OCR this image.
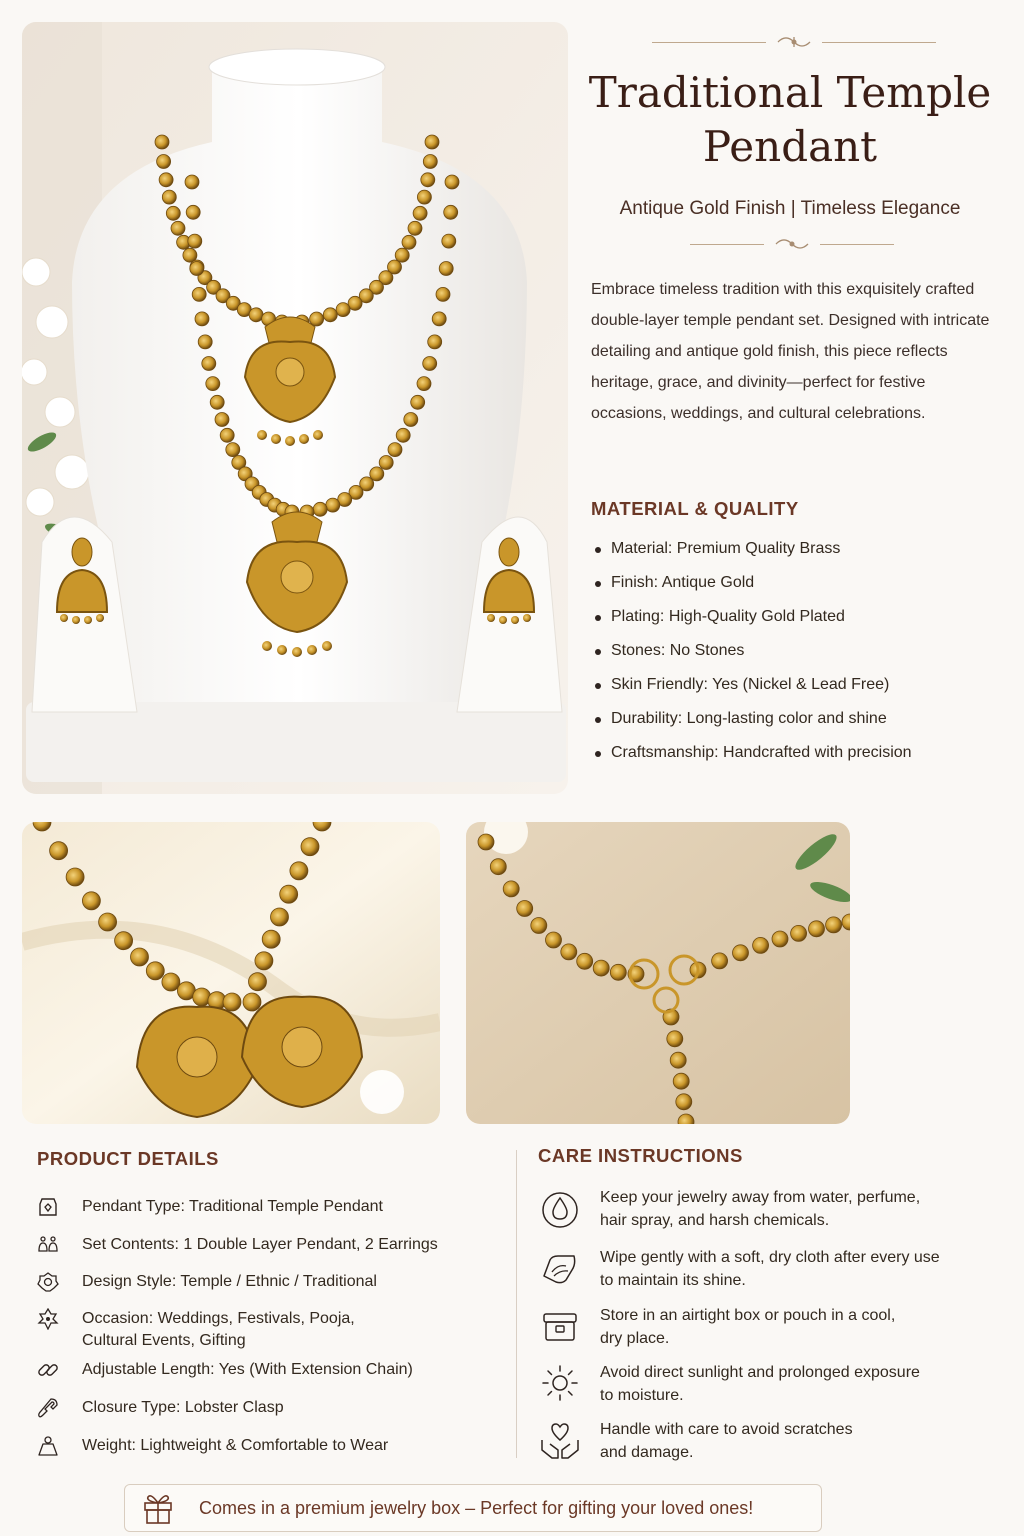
Traditional Temple Pendant
Antique Gold Finish | Timeless Elegance

Embrace timeless tradition with this exquisitely crafted double-layer temple pendant set. Designed with intricate detailing and antique gold finish, this piece reflects heritage, grace, and divinity—perfect for festive occasions, weddings, and cultural celebrations.

MATERIAL & QUALITY
Material: Premium Quality Brass
Finish: Antique Gold
Plating: High-Quality Gold Plated
Stones: No Stones
Skin Friendly: Yes (Nickel & Lead Free)
Durability: Long-lasting color and shine
Craftsmanship: Handcrafted with precision
PRODUCT DETAILS
Pendant Type: Traditional Temple Pendant
Set Contents: 1 Double Layer Pendant, 2 Earrings
Design Style: Temple / Ethnic / Traditional
Occasion: Weddings, Festivals, Pooja,
Cultural Events, Gifting
Adjustable Length: Yes (With Extension Chain)
Closure Type: Lobster Clasp
Weight: Lightweight & Comfortable to Wear
CARE INSTRUCTIONS
Keep your jewelry away from water, perfume,
hair spray, and harsh chemicals.
Wipe gently with a soft, dry cloth after every use
to maintain its shine.
Store in an airtight box or pouch in a cool,
dry place.
Avoid direct sunlight and prolonged exposure
to moisture.
Handle with care to avoid scratches
and damage.
Comes in a premium jewelry box – Perfect for gifting your loved ones!
